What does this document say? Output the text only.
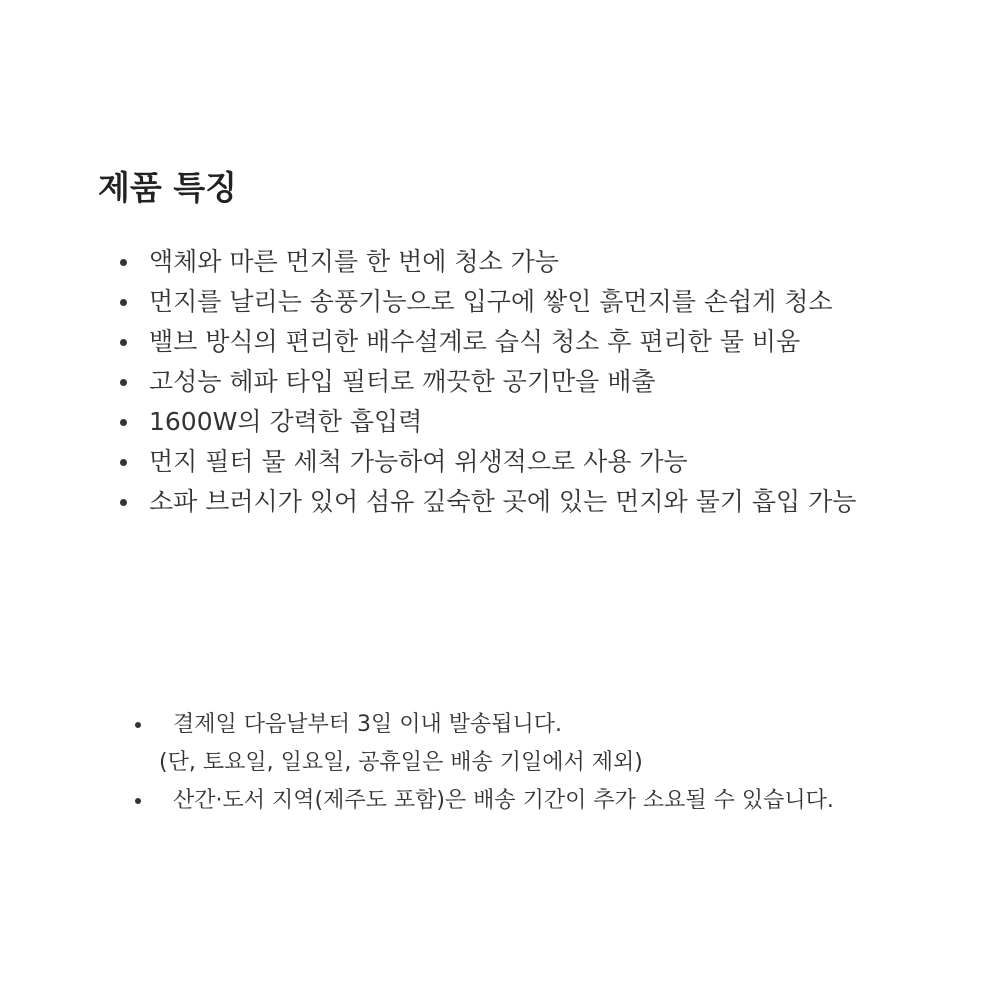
제품 특징
액체와 마른 먼지를 한 번에 청소 가능
먼지를 날리는 송풍기능으로 입구에 쌓인 흙먼지를 손쉽게 청소
밸브 방식의 편리한 배수설계로 습식 청소 후 편리한 물 비움
고성능 헤파 타입 필터로 깨끗한 공기만을 배출
1600W의 강력한 흡입력
먼지 필터 물 세척 가능하여 위생적으로 사용 가능
소파 브러시가 있어 섬유 깊숙한 곳에 있는 먼지와 물기 흡입 가능
결제일 다음날부터 3일 이내 발송됩니다.
(단, 토요일, 일요일, 공휴일은 배송 기일에서 제외)
산간·도서 지역(제주도 포함)은 배송 기간이 추가 소요될 수 있습니다.
